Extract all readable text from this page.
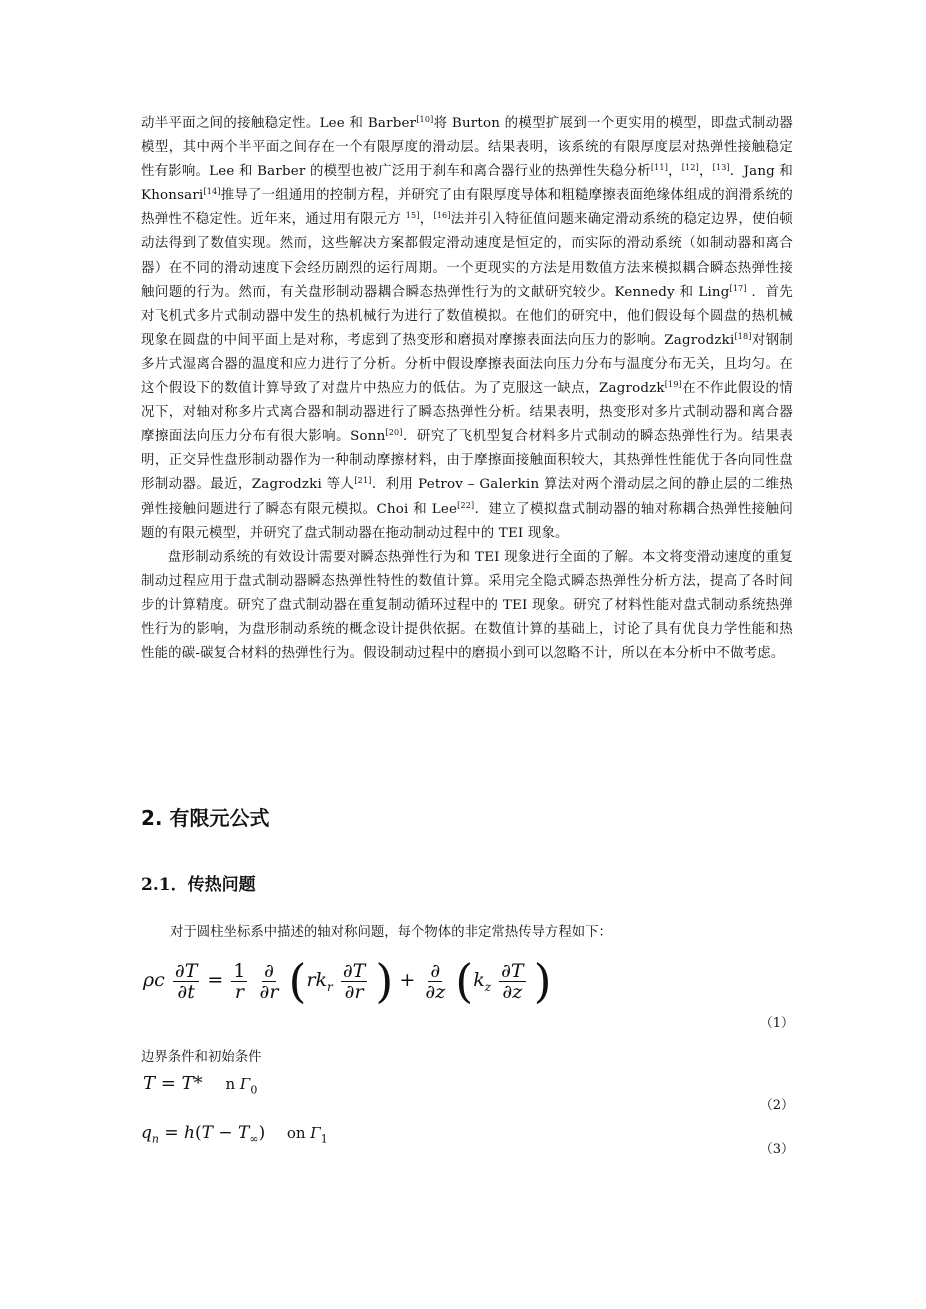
动半平面之间的接触稳定性。Lee 和 Barber[10]将 Burton 的模型扩展到一个更实用的模型，即盘式制动器模型，其中两个半平面之间存在一个有限厚度的滑动层。结果表明，该系统的有限厚度层对热弹性接触稳定性有影响。Lee 和 Barber 的模型也被广泛用于刹车和离合器行业的热弹性失稳分析[11]，[12]，[13]．Jang 和 Khonsari[14]推导了一组通用的控制方程，并研究了由有限厚度导体和粗糙摩擦表面绝缘体组成的润滑系统的热弹性不稳定性。近年来，通过用有限元方 $^{15]}$，[16]法并引入特征值问题来确定滑动系统的稳定边界，使伯顿动法得到了数值实现。然而，这些解决方案都假定滑动速度是恒定的，而实际的滑动系统（如制动器和离合器）在不同的滑动速度下会经历剧烈的运行周期。一个更现实的方法是用数值方法来模拟耦合瞬态热弹性接触问题的行为。然而，有关盘形制动器耦合瞬态热弹性行为的文献研究较少。Kennedy 和 Ling[17] ．首先对飞机式多片式制动器中发生的热机械行为进行了数值模拟。在他们的研究中，他们假设每个圆盘的热机械现象在圆盘的中间平面上是对称，考虑到了热变形和磨损对摩擦表面法向压力的影响。Zagrodzki[18]对钢制多片式湿离合器的温度和应力进行了分析。分析中假设摩擦表面法向压力分布与温度分布无关，且均匀。在这个假设下的数值计算导致了对盘片中热应力的低估。为了克服这一缺点，Zagrodzk[19]在不作此假设的情况下，对轴对称多片式离合器和制动器进行了瞬态热弹性分析。结果表明，热变形对多片式制动器和离合器摩擦面法向压力分布有很大影响。Sonn[20]．研究了飞机型复合材料多片式制动的瞬态热弹性行为。结果表明，正交异性盘形制动器作为一种制动摩擦材料，由于摩擦面接触面积较大，其热弹性性能优于各向同性盘形制动器。最近，Zagrodzki 等人[21]．利用 Petrov – Galerkin 算法对两个滑动层之间的静止层的二维热弹性接触问题进行了瞬态有限元模拟。Choi 和 Lee[22]．建立了模拟盘式制动器的轴对称耦合热弹性接触问题的有限元模型，并研究了盘式制动器在拖动制动过程中的 TEI 现象。

盘形制动系统的有效设计需要对瞬态热弹性行为和 TEI 现象进行全面的了解。本文将变滑动速度的重复制动过程应用于盘式制动器瞬态热弹性特性的数值计算。采用完全隐式瞬态热弹性分析方法，提高了各时间步的计算精度。研究了盘式制动器在重复制动循环过程中的 TEI 现象。研究了材料性能对盘式制动系统热弹性行为的影响，为盘形制动系统的概念设计提供依据。在数值计算的基础上，讨论了具有优良力学性能和热性能的碳-碳复合材料的热弹性行为。假设制动过程中的磨损小到可以忽略不计，所以在本分析中不做考虑。

2. 有限元公式
2.1．传热问题

对于圆柱坐标系中描述的轴对称问题，每个物体的非定常热传导方程如下：

ρc $\frac{\partial T}{\partial t} = \frac{1}{r}$
$\frac{\partial}{\partial r} (rk_r \frac{\partial T}{\partial r}$ ) + $\frac{\partial}{\partial z} (k_z \frac{\partial T}{\partial z}$ )
（1）

边界条件和初始条件

T = T*    n $\Gamma_0$
（2）
$q_n = h(T - T_\infty)$    on $\Gamma_1$
（3）
